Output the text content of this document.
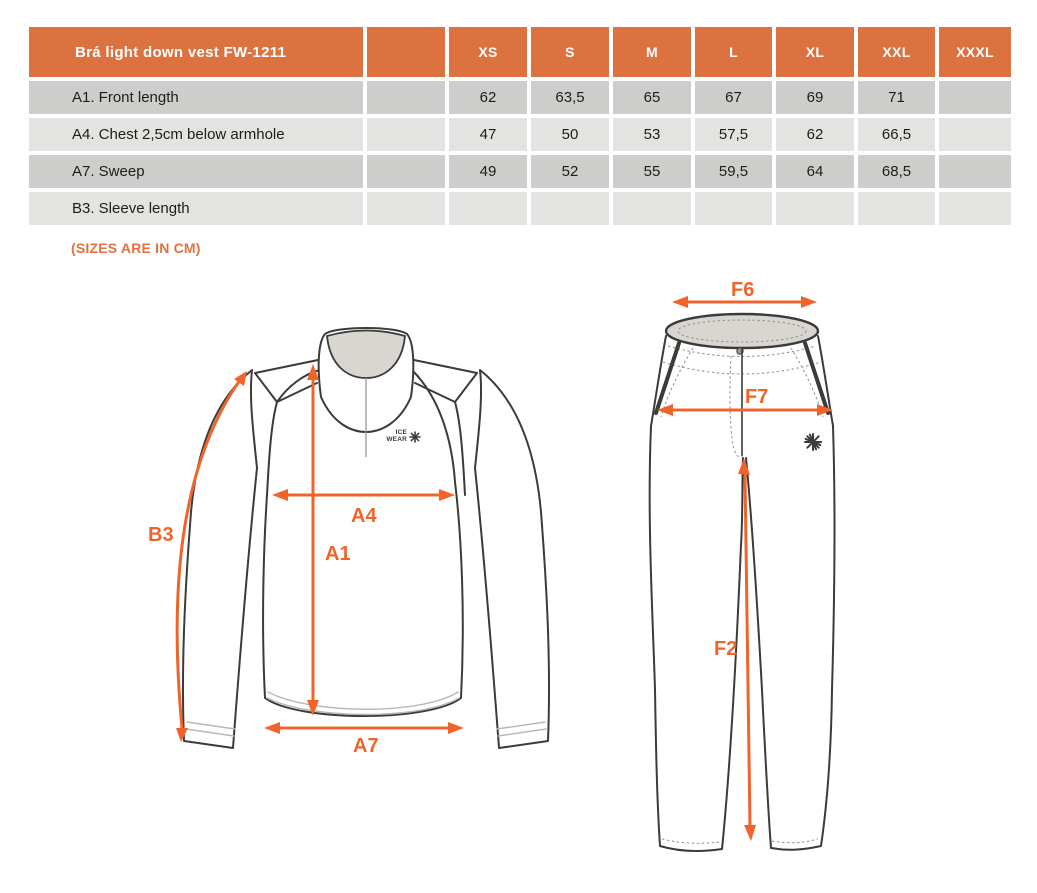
Brá light down vest FW-1211	XS	S	M	L	XL	XXL	XXXL
A1. Front length	62	63,5	65	67	69	71
A4. Chest 2,5cm below armhole	47	50	53	57,5	62	66,5
A7. Sweep	49	52	55	59,5	64	68,5
B3. Sleeve length
(SIZES ARE IN CM)
ICE
WEAR
B3
A1
A4
A7
F6
F7
F2
